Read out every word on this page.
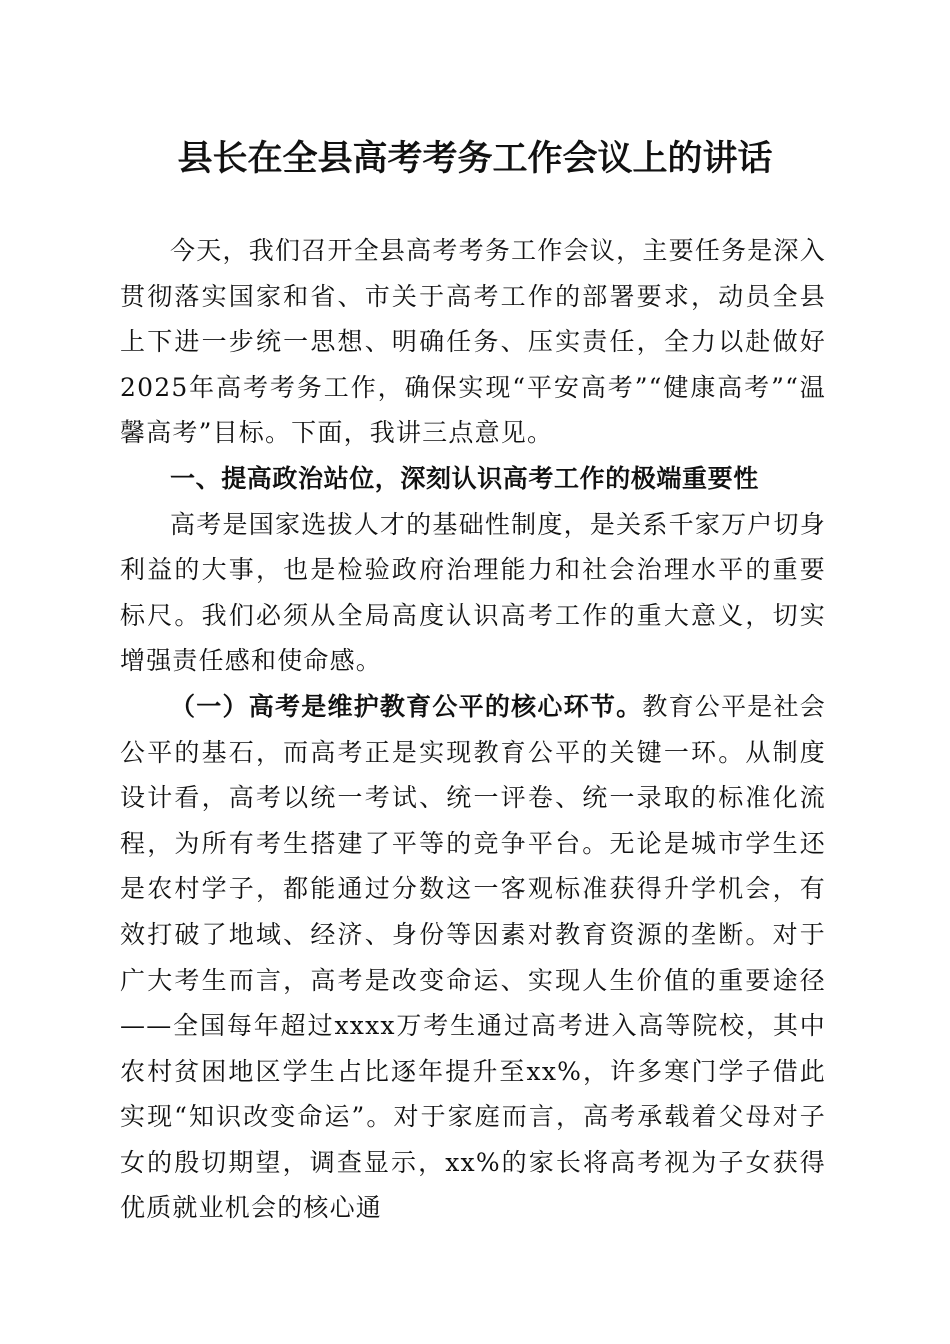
县长在全县高考考务工作会议上的讲话

今天，我们召开全县高考考务工作会议，主要任务是深入贯彻落实国家和省、市关于高考工作的部署要求，动员全县上下进一步统一思想、明确任务、压实责任，全力以赴做好2025年高考考务工作，确保实现“平安高考”“健康高考”“温馨高考”目标。下面，我讲三点意见。

一、提高政治站位，深刻认识高考工作的极端重要性

高考是国家选拔人才的基础性制度，是关系千家万户切身利益的大事，也是检验政府治理能力和社会治理水平的重要标尺。我们必须从全局高度认识高考工作的重大意义，切实增强责任感和使命感。

（一）高考是维护教育公平的核心环节。教育公平是社会公平的基石，而高考正是实现教育公平的关键一环。从制度设计看，高考以统一考试、统一评卷、统一录取的标准化流程，为所有考生搭建了平等的竞争平台。无论是城市学生还是农村学子，都能通过分数这一客观标准获得升学机会，有效打破了地域、经济、身份等因素对教育资源的垄断。对于广大考生而言，高考是改变命运、实现人生价值的重要途径——全国每年超过xxxx万考生通过高考进入高等院校，其中农村贫困地区学生占比逐年提升至xx%，许多寒门学子借此实现“知识改变命运”。对于家庭而言，高考承载着父母对子女的殷切期望，调查显示，xx%的家长将高考视为子女获得优质就业机会的核心通
